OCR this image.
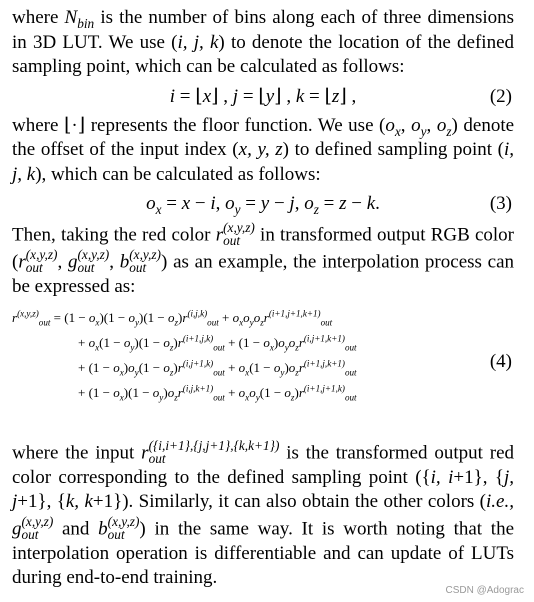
where $N_{bin}$ is the number of bins along each of three dimensions in 3D LUT. We use (i, j, k) to denote the location of the defined sampling point, which can be calculated as follows:

i = ⌊x⌋ , j = ⌊y⌋ , k = ⌊z⌋ ,	(2)

where ⌊·⌋ represents the floor function. We use ($o_x$, $o_y$, $o_z$) denote the offset of the input index (x, y, z) to defined sampling point (i, j, k), which can be calculated as follows:

$o_x = x - i$, $o_y = y - j$, $o_z = z - k$.	(3)

Then, taking the red color r (x,y,z)
out	in transformed output RGB color (r (x,y,z)
out , g (x,y,z)
out , b (x,y,z)
out ) as an example, the interpolation process can be expressed as:

$r^{(x,y,z)}_{out} = (1 - o_x)(1 - o_y)(1 - o_z)r^{(i,j,k)}_{out} + o_xo_yo_zr^{(i+1,j+1,k+1)}_{out}$
+ $o_x(1 - o_y)(1 - o_z)r^{(i+1,j,k)}_{out} + (1 - o_x)o_yo_zr^{(i,j+1,k+1)}_{out}$
+ $(1 - o_x)o_y(1 - o_z)r^{(i,j+1,k)}_{out} + o_x(1 - o_y)o_zr^{(i+1,j,k+1)}_{out}$
+ $(1 - o_x)(1 - o_y)o_zr^{(i,j,k+1)}_{out} + o_xo_y(1 - o_z)r^{(i+1,j+1,k)}_{out}$
(4)

where the input r ({i,i+1},{j,j+1},{k,k+1})
out	is the transformed output red color corresponding to the defined sampling point ({i, i+1}, {j, j+1}, {k, k+1}). Similarly, it can also obtain the other colors (i.e., g (x,y,z)
out	and b (x,y,z)
out ) in the same way. It is worth noting that the interpolation operation is differentiable and can update of LUTs during end-to-end training.

CSDN @Adograc
